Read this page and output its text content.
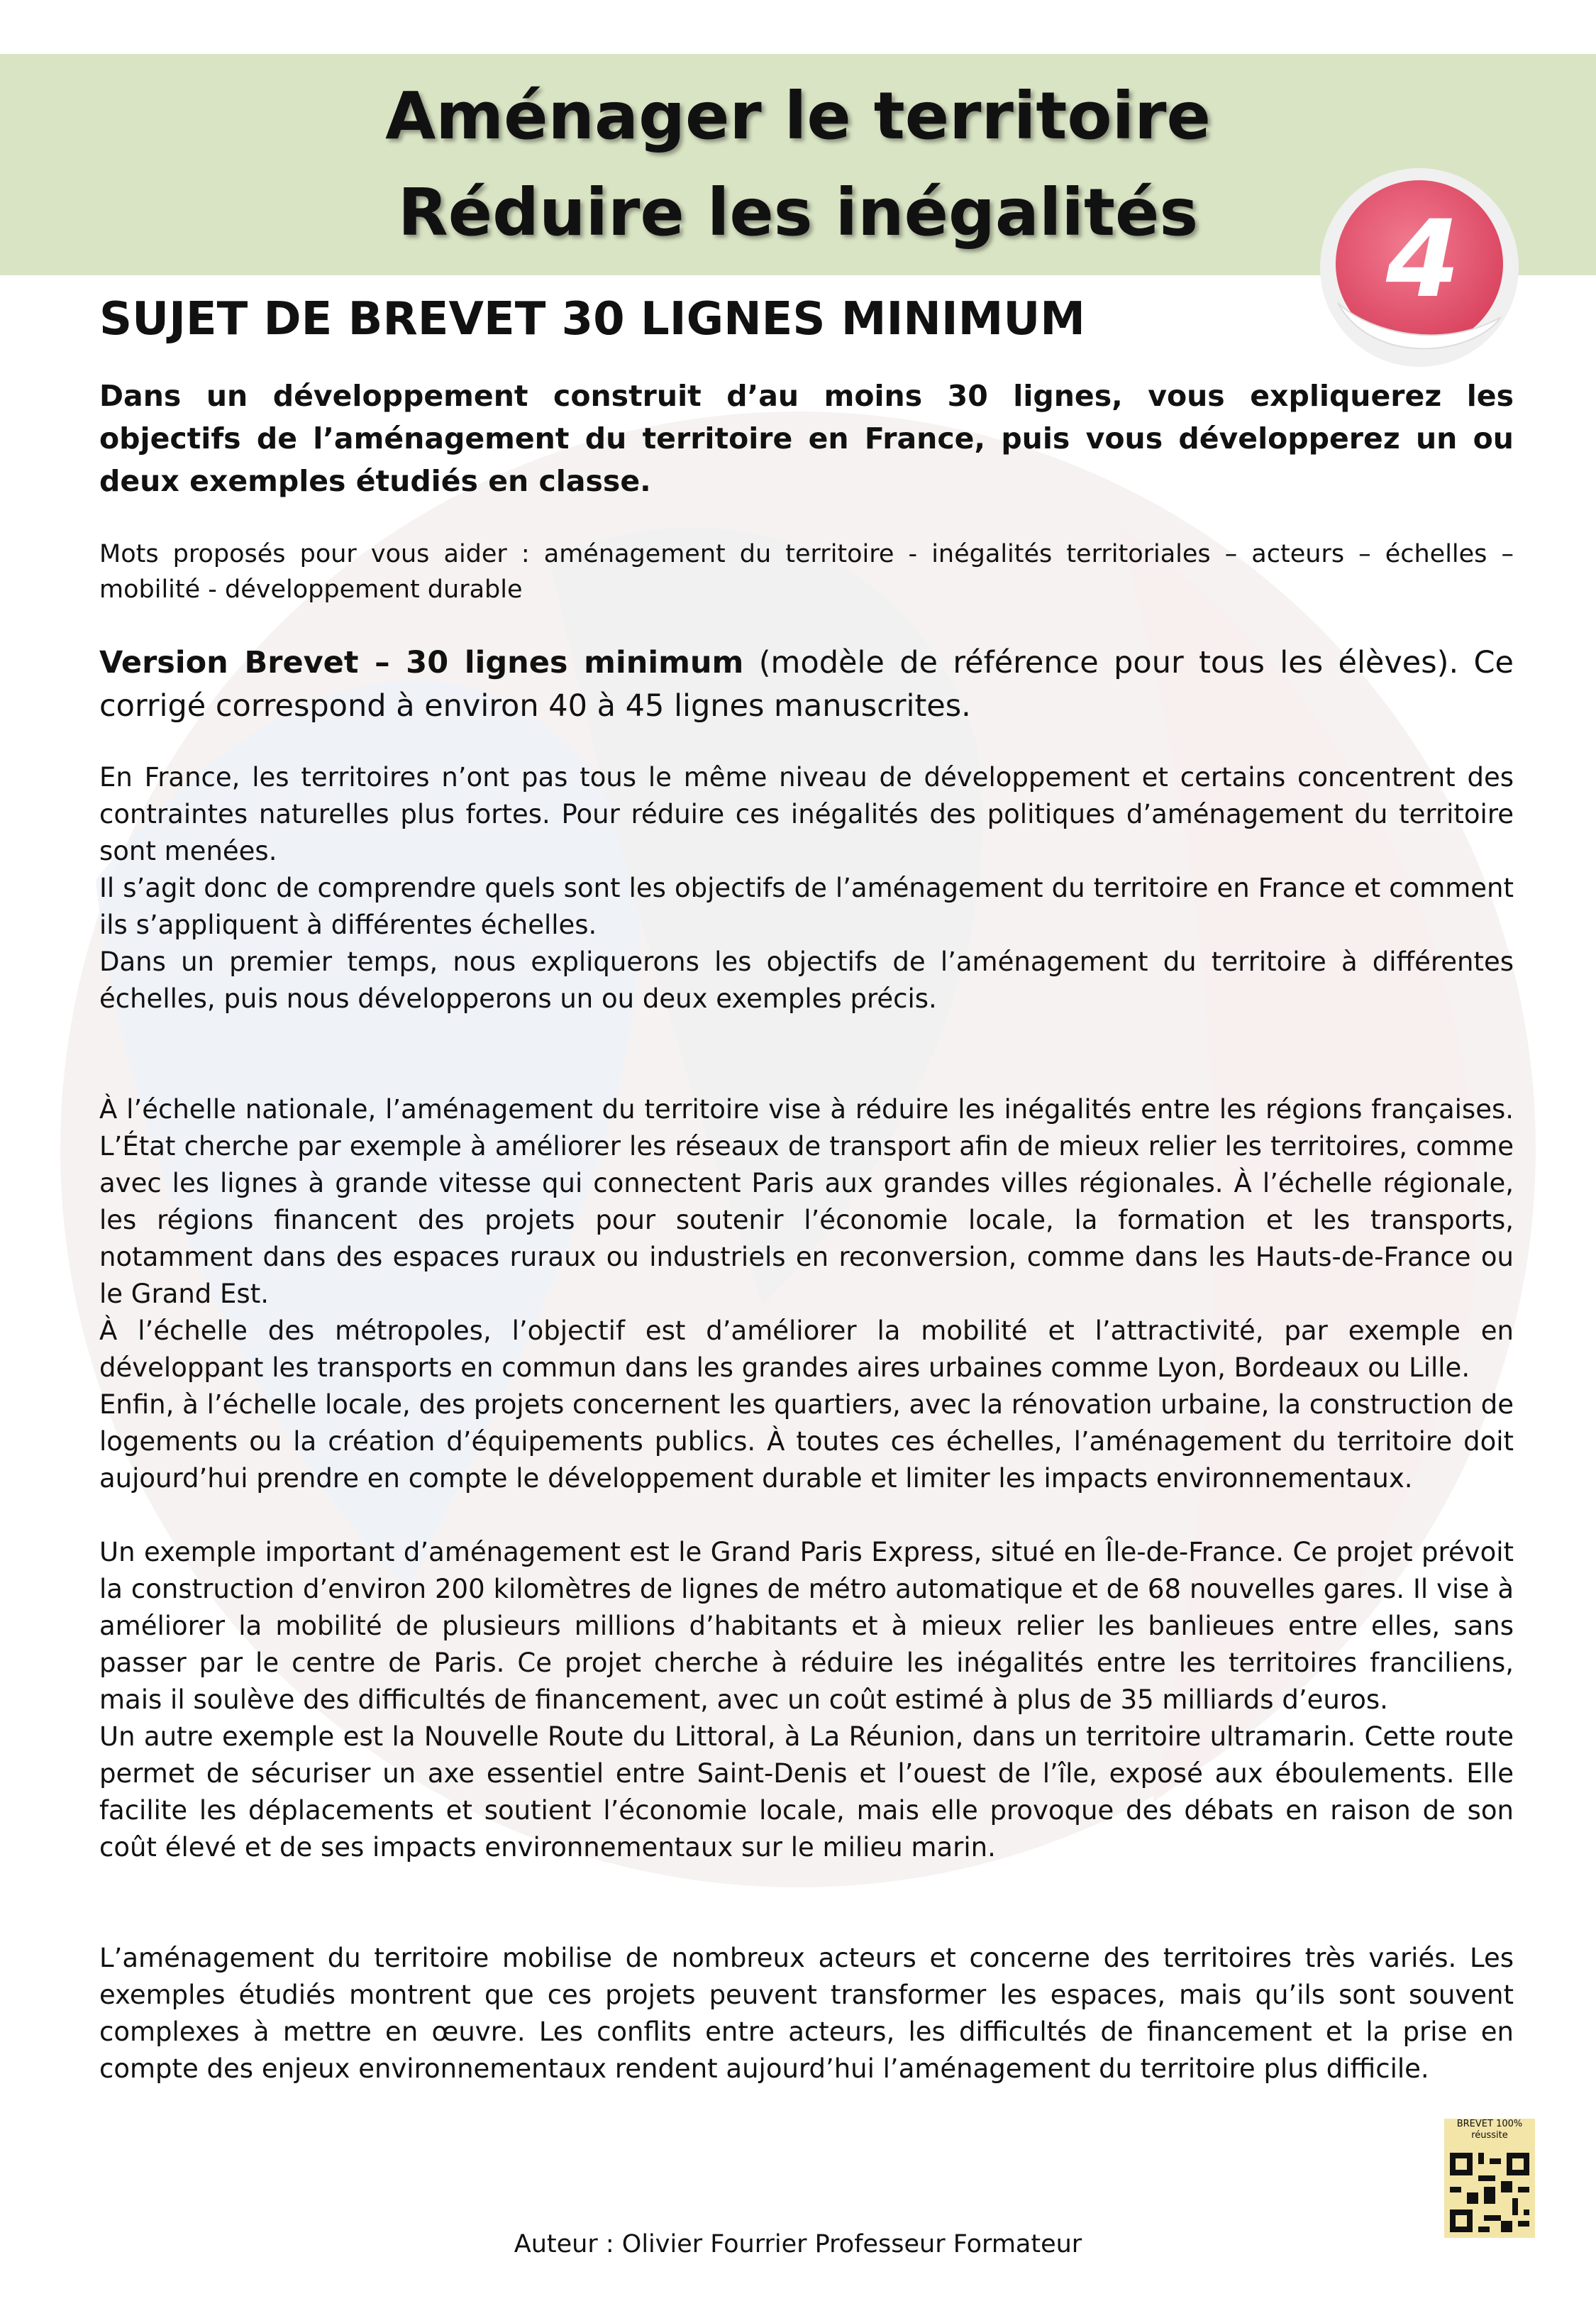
Aménager le territoire
Réduire les inégalités	4
SUJET DE BREVET 30 LIGNES MINIMUM
Dans un développement construit d’au moins 30 lignes, vous expliquerez les objectifs de l’aménagement du territoire en France, puis vous développerez un ou deux exemples étudiés en classe.
Mots proposés pour vous aider : aménagement du territoire - inégalités territoriales – acteurs – échelles – mobilité - développement durable
Version Brevet – 30 lignes minimum (modèle de référence pour tous les élèves). Ce corrigé correspond à environ 40 à 45 lignes manuscrites.
En France, les territoires n’ont pas tous le même niveau de développement et certains concentrent des contraintes naturelles plus fortes. Pour réduire ces inégalités des politiques d’aménagement du territoire sont menées.
Il s’agit donc de comprendre quels sont les objectifs de l’aménagement du territoire en France et comment ils s’appliquent à différentes échelles.
Dans un premier temps, nous expliquerons les objectifs de l’aménagement du territoire à différentes échelles, puis nous développerons un ou deux exemples précis.
À l’échelle nationale, l’aménagement du territoire vise à réduire les inégalités entre les régions françaises. L’État cherche par exemple à améliorer les réseaux de transport afin de mieux relier les territoires, comme avec les lignes à grande vitesse qui connectent Paris aux grandes villes régionales. À l’échelle régionale, les régions financent des projets pour soutenir l’économie locale, la formation et les transports, notamment dans des espaces ruraux ou industriels en reconversion, comme dans les Hauts-de-France ou le Grand Est.
À l’échelle des métropoles, l’objectif est d’améliorer la mobilité et l’attractivité, par exemple en développant les transports en commun dans les grandes aires urbaines comme Lyon, Bordeaux ou Lille.
Enfin, à l’échelle locale, des projets concernent les quartiers, avec la rénovation urbaine, la construction de logements ou la création d’équipements publics. À toutes ces échelles, l’aménagement du territoire doit aujourd’hui prendre en compte le développement durable et limiter les impacts environnementaux.
Un exemple important d’aménagement est le Grand Paris Express, situé en Île-de-France. Ce projet prévoit la construction d’environ 200 kilomètres de lignes de métro automatique et de 68 nouvelles gares. Il vise à améliorer la mobilité de plusieurs millions d’habitants et à mieux relier les banlieues entre elles, sans passer par le centre de Paris. Ce projet cherche à réduire les inégalités entre les territoires franciliens, mais il soulève des difficultés de financement, avec un coût estimé à plus de 35 milliards d’euros.
Un autre exemple est la Nouvelle Route du Littoral, à La Réunion, dans un territoire ultramarin. Cette route permet de sécuriser un axe essentiel entre Saint-Denis et l’ouest de l’île, exposé aux éboulements. Elle facilite les déplacements et soutient l’économie locale, mais elle provoque des débats en raison de son coût élevé et de ses impacts environnementaux sur le milieu marin.
L’aménagement du territoire mobilise de nombreux acteurs et concerne des territoires très variés. Les exemples étudiés montrent que ces projets peuvent transformer les espaces, mais qu’ils sont souvent complexes à mettre en œuvre. Les conflits entre acteurs, les difficultés de financement et la prise en compte des enjeux environnementaux rendent aujourd’hui l’aménagement du territoire plus difficile.
BREVET 100%
réussite
Auteur : Olivier Fourrier Professeur Formateur
